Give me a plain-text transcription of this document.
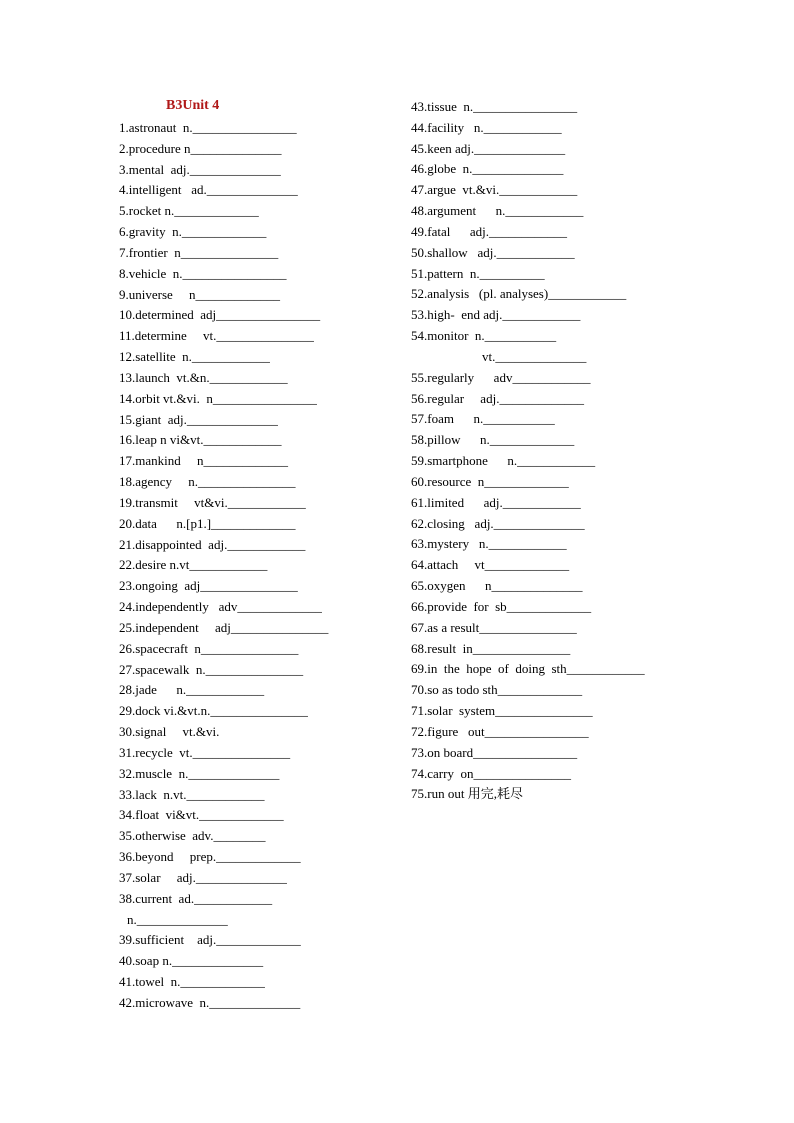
B3Unit 4
1.astronaut  n.________________
2.procedure n______________
3.mental  adj.______________
4.intelligent   ad.______________
5.rocket n._____________
6.gravity  n._____________
7.frontier  n_______________
8.vehicle  n.________________
9.universe     n_____________
10.determined  adj________________
11.determine     vt._______________
12.satellite  n.____________
13.launch  vt.&n.____________
14.orbit vt.&vi.  n________________
15.giant  adj.______________
16.leap n vi&vt.____________
17.mankind     n_____________
18.agency     n._______________
19.transmit     vt&vi.____________
20.data      n.[p1.]_____________
21.disappointed  adj.____________
22.desire n.vt____________
23.ongoing  adj_______________
24.independently   adv_____________
25.independent     adj_______________
26.spacecraft  n_______________
27.spacewalk  n._______________
28.jade      n.____________
29.dock vi.&vt.n._______________
30.signal     vt.&vi.
31.recycle  vt._______________
32.muscle  n.______________
33.lack  n.vt.____________
34.float  vi&vt._____________
35.otherwise  adv.________
36.beyond     prep._____________
37.solar     adj.______________
38.current  ad.____________
n.______________
39.sufficient    adj._____________
40.soap n.______________
41.towel  n._____________
42.microwave  n.______________
43.tissue  n.________________
44.facility   n.____________
45.keen adj.______________
46.globe  n.______________
47.argue  vt.&vi.____________
48.argument      n.____________
49.fatal      adj.____________
50.shallow   adj.____________
51.pattern  n.__________
52.analysis   (pl. analyses)____________
53.high-  end adj.____________
54.monitor  n.___________
vt.______________
55.regularly      adv____________
56.regular     adj._____________
57.foam      n.___________
58.pillow      n._____________
59.smartphone      n.____________
60.resource  n_____________
61.limited      adj.____________
62.closing   adj.______________
63.mystery   n.____________
64.attach     vt_____________
65.oxygen      n______________
66.provide  for  sb_____________
67.as a result_______________
68.result  in_______________
69.in  the  hope  of  doing  sth____________
70.so as todo sth_____________
71.solar  system_______________
72.figure   out________________
73.on board________________
74.carry  on_______________
75.run out 用完,耗尽
